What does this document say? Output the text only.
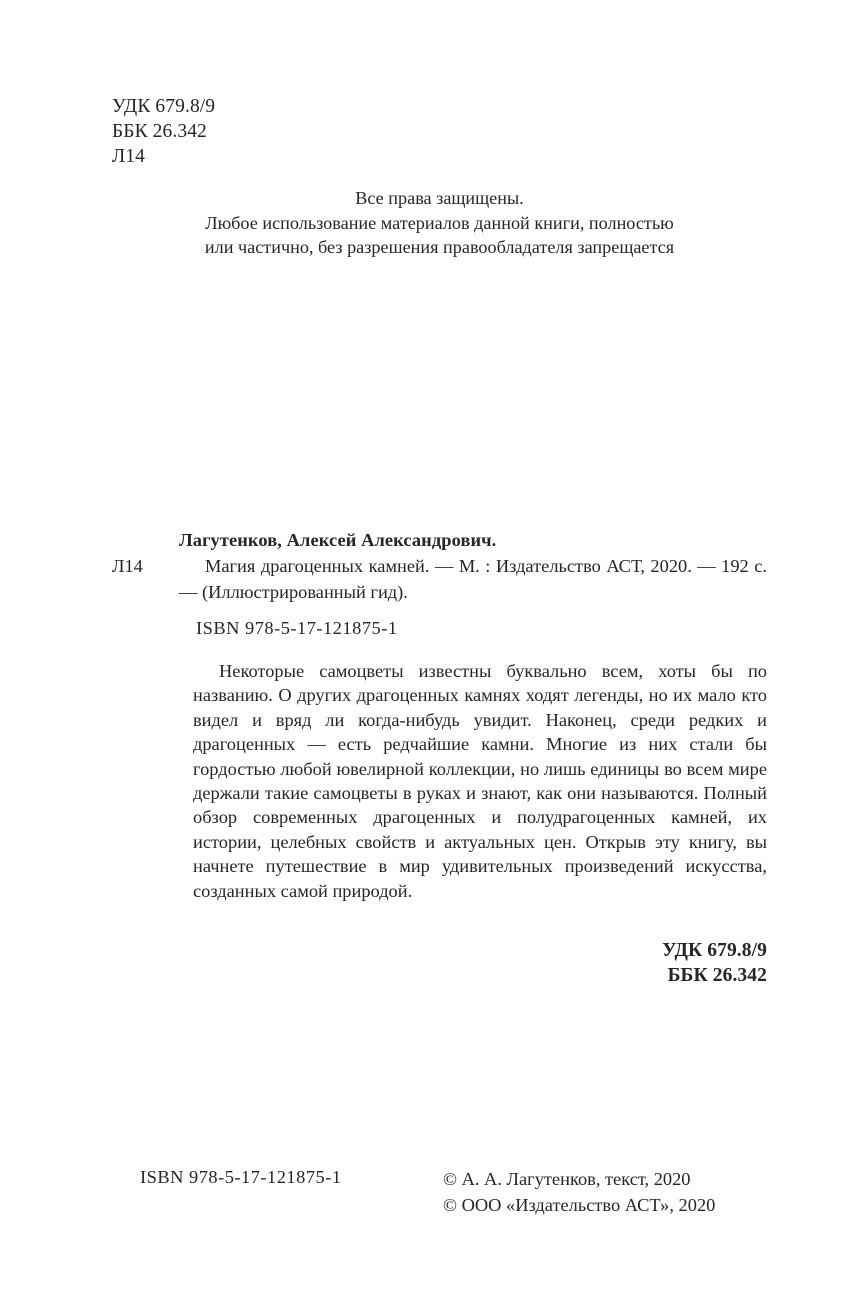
УДК 679.8/9
ББК 26.342
Л14
Все права защищены.
Любое использование материалов данной книги, полностью
или частично, без разрешения правообладателя запрещается
Лагутенков, Алексей Александрович.
Л14	Магия драгоценных камней. — М. : Издательство АСТ, 2020. — 192 с. — (Иллюстрированный гид).
ISBN 978-5-17-121875-1
Некоторые самоцветы известны буквально всем, хоты бы по названию. О других драгоценных камнях ходят легенды, но их мало кто видел и вряд ли когда-нибудь увидит. Наконец, среди редких и драгоценных — есть редчайшие камни. Многие из них стали бы гордостью любой ювелирной коллекции, но лишь единицы во всем мире держали такие самоцветы в руках и знают, как они называются. Полный обзор современных драгоценных и полудрагоценных камней, их истории, целебных свойств и актуальных цен. Открыв эту книгу, вы начнете путешествие в мир удивительных произведений искусства, созданных самой природой.
УДК 679.8/9
ББК 26.342
ISBN 978-5-17-121875-1	© А. А. Лагутенков, текст, 2020
© ООО «Издательство АСТ», 2020
